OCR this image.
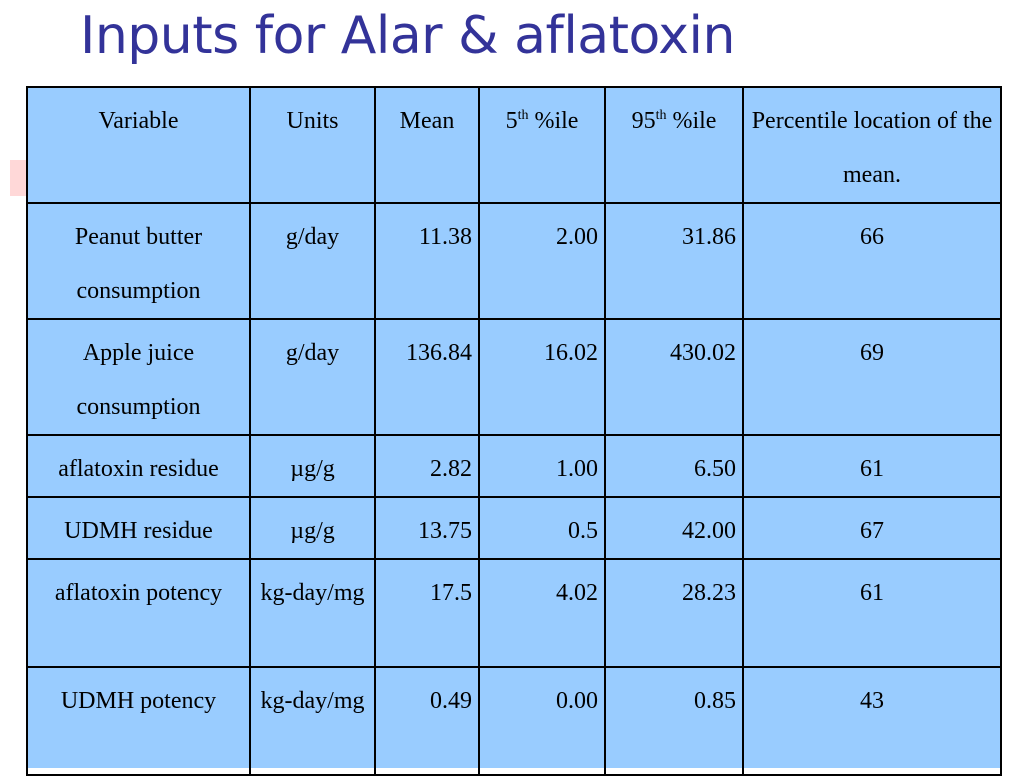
Inputs for Alar & aflatoxin
Variable	Units	Mean	5th %ile	95th %ile	Percentile location of the mean.
Peanut butter consumption	g/day	11.38	2.00	31.86	66
Apple juice consumption	g/day	136.84	16.02	430.02	69
aflatoxin residue	µg/g	2.82	1.00	6.50	61
UDMH residue	µg/g	13.75	0.5	42.00	67
aflatoxin potency	kg-day/mg	17.5	4.02	28.23	61
UDMH potency	kg-day/mg	0.49	0.00	0.85	43
